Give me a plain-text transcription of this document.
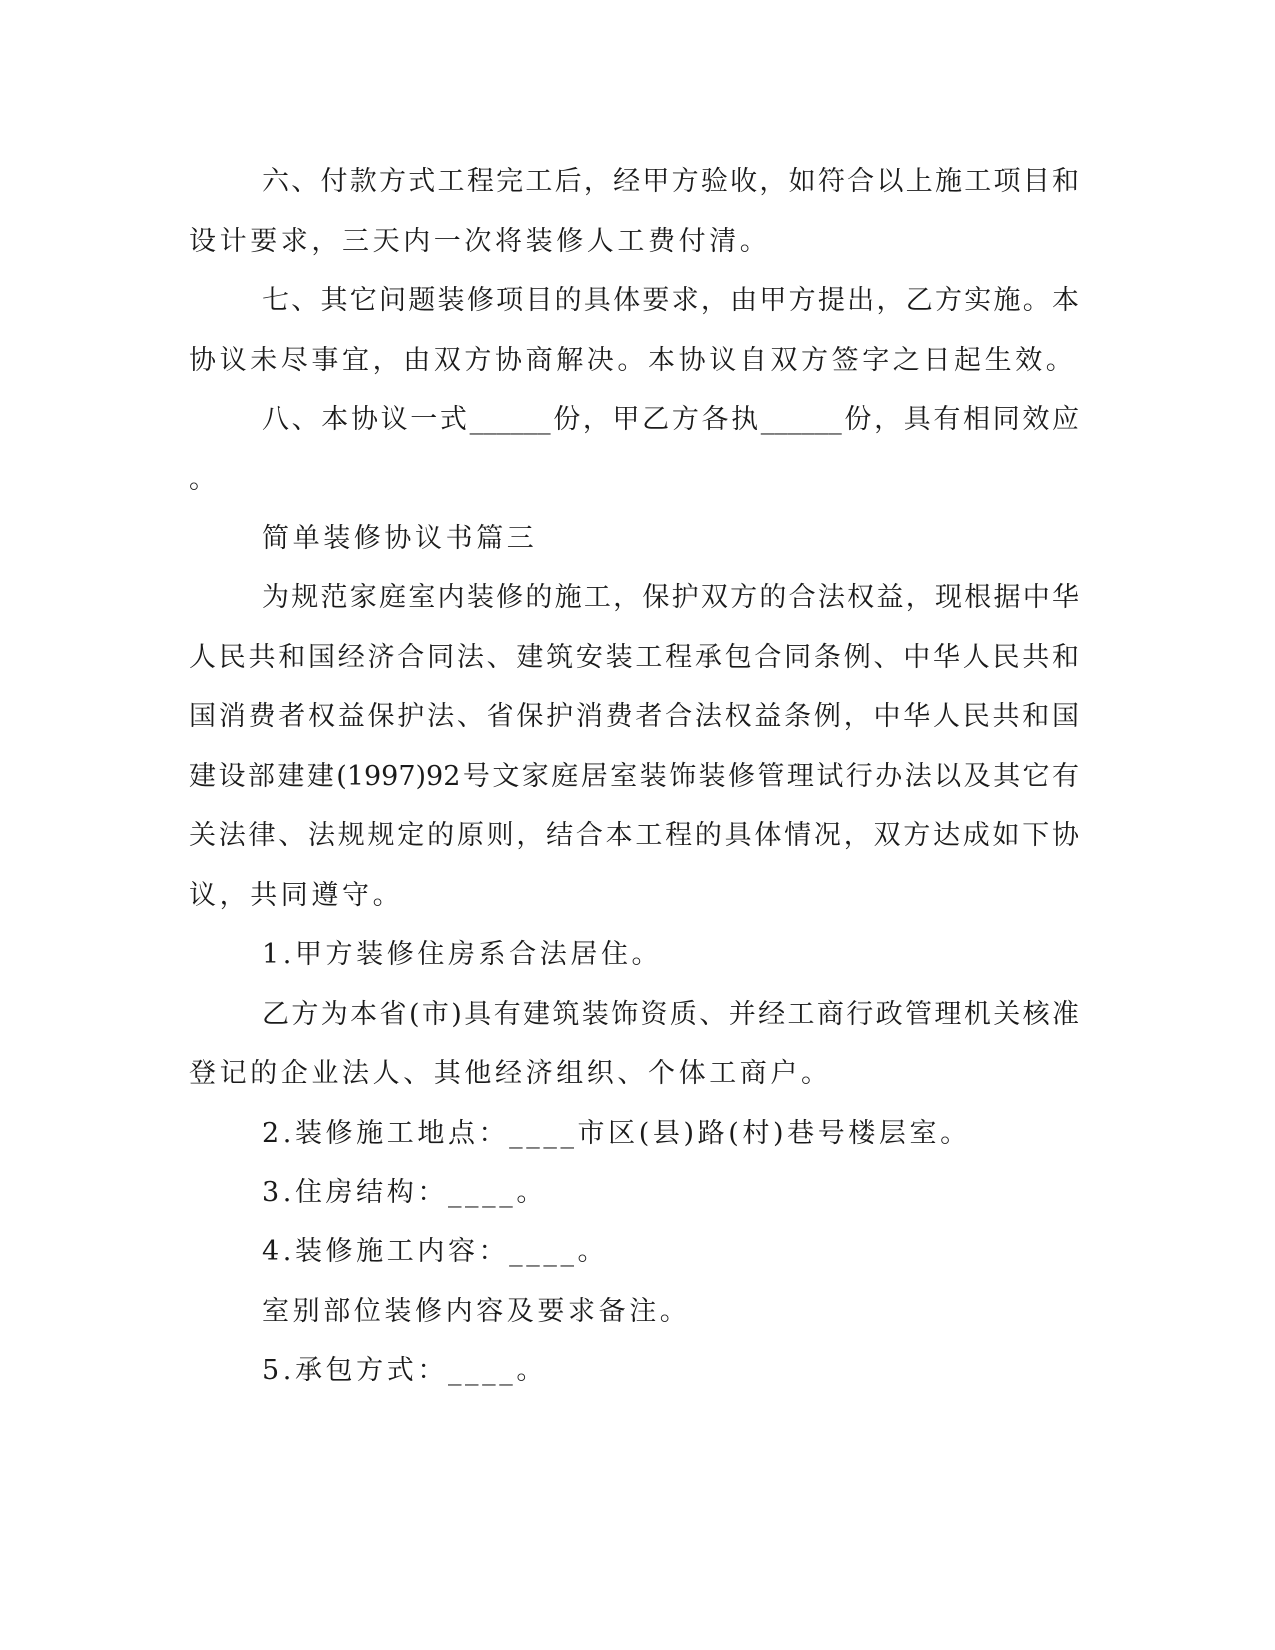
六、付款方式工程完工后，经甲方验收，如符合以上施工项目和
设计要求，三天内一次将装修人工费付清。
七、其它问题装修项目的具体要求，由甲方提出，乙方实施。本
协议未尽事宜，由双方协商解决。本协议自双方签字之日起生效。
八、本协议一式______份，甲乙方各执______份，具有相同效应
。
简单装修协议书篇三
为规范家庭室内装修的施工，保护双方的合法权益，现根据中华
人民共和国经济合同法、建筑安装工程承包合同条例、中华人民共和
国消费者权益保护法、省保护消费者合法权益条例，中华人民共和国
建设部建建(1997)92号文家庭居室装饰装修管理试行办法以及其它有
关法律、法规规定的原则，结合本工程的具体情况，双方达成如下协
议，共同遵守。
1.甲方装修住房系合法居住。
乙方为本省(市)具有建筑装饰资质、并经工商行政管理机关核准
登记的企业法人、其他经济组织、个体工商户。
2.装修施工地点：____市区(县)路(村)巷号楼层室。
3.住房结构：____。
4.装修施工内容：____。
室别部位装修内容及要求备注。
5.承包方式：____。
